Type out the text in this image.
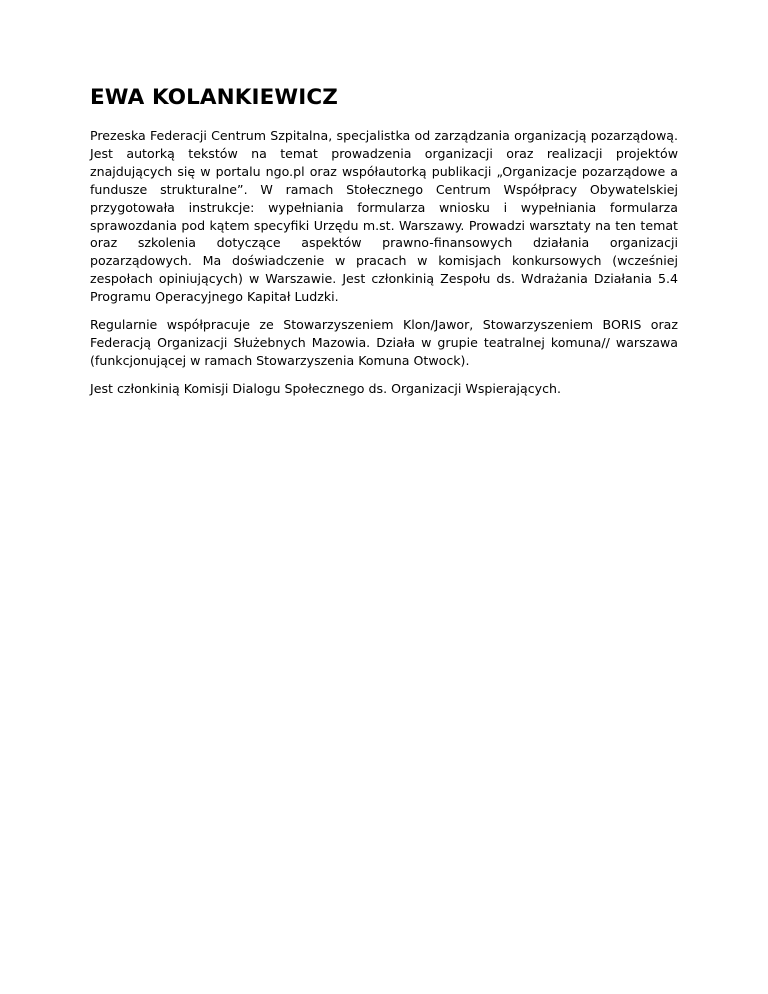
EWA KOLANKIEWICZ

Prezeska Federacji Centrum Szpitalna, specjalistka od zarządzania organizacją pozarządową. Jest autorką tekstów na temat prowadzenia organizacji oraz realizacji projektów znajdujących się w portalu ngo.pl oraz współautorką publikacji „Organizacje pozarządowe a fundusze strukturalne”. W ramach Stołecznego Centrum Współpracy Obywatelskiej przygotowała instrukcje: wypełniania formularza wniosku i wypełniania formularza sprawozdania pod kątem specyfiki Urzędu m.st. Warszawy. Prowadzi warsztaty na ten temat oraz szkolenia dotyczące aspektów prawno-finansowych działania organizacji pozarządowych. Ma doświadczenie w pracach w komisjach konkursowych (wcześniej zespołach opiniujących) w Warszawie. Jest członkinią Zespołu ds. Wdrażania Działania 5.4 Programu Operacyjnego Kapitał Ludzki.

Regularnie współpracuje ze Stowarzyszeniem Klon/Jawor, Stowarzyszeniem BORIS oraz Federacją Organizacji Służebnych Mazowia. Działa w grupie teatralnej komuna// warszawa (funkcjonującej w ramach Stowarzyszenia Komuna Otwock).

Jest członkinią Komisji Dialogu Społecznego ds. Organizacji Wspierających.
